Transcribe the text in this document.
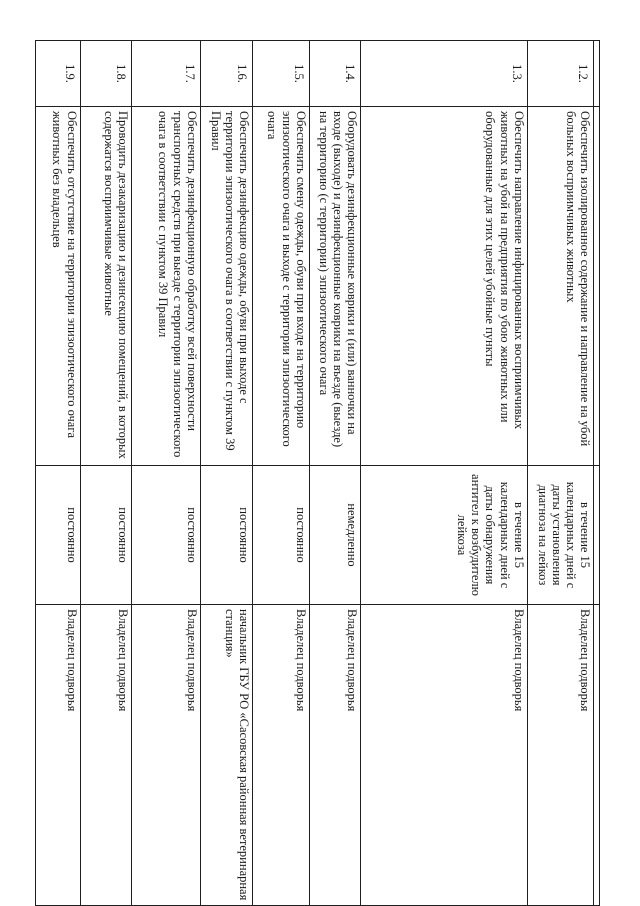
1.2.	Обеспечить изолированное содержание и направление на убой больных восприимчивых животных	в течение 15 календарных дней с даты установления диагноза на лейкоз	Владелец подворья
1.3.	Обеспечить направление инфицированных восприимчивых животных на убой на предприятия по убою животных или оборудованные для этих целей убойные пункты	в течение 15 календарных дней с даты обнаружения антител к возбудителю лейкоза	Владелец подворья
1.4.	Оборудовать дезинфекционные коврики и (или) ванночки на входе (выходе) и дезинфекционные коврики на въезде (выезде) на территорию (с территории) эпизоотического очага	немедленно	Владелец подворья
1.5.	Обеспечить смену одежды, обуви при входе на территорию эпизоотического очага и выходе с территории эпизоотического очага	постоянно	Владелец подворья
1.6.	Обеспечить дезинфекцию одежды, обуви при выходе с территории эпизоотического очага в соответствии с пунктом 39 Правил	постоянно	начальник ГБУ РО «Сасовская районная ветеринарная станция»
1.7.	Обеспечить дезинфекционную обработку всей поверхности транспортных средств при выезде с территории эпизоотического очага в соответствии с пунктом 39 Правил	постоянно	Владелец подворья
1.8.	Проводить дезакаризацию и дезинсекцию помещений, в которых содержатся восприимчивые животные	постоянно	Владелец подворья
1.9.	Обеспечить отсутствие на территории эпизоотического очага животных без владельцев	постоянно	Владелец подворья
